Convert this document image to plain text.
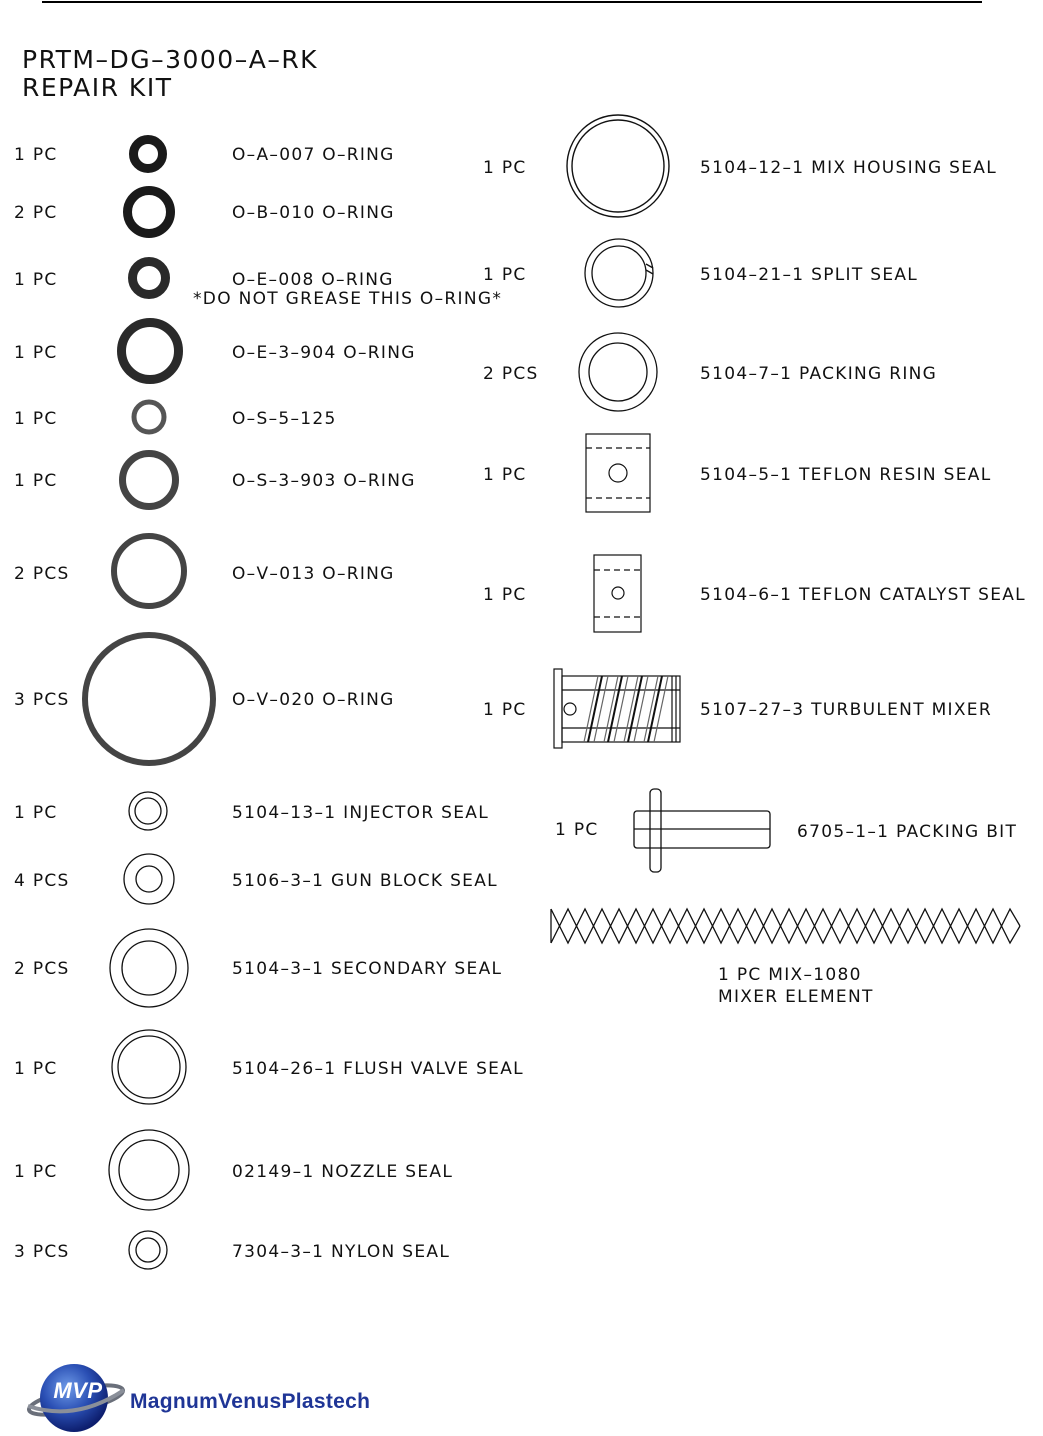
PRTM–DG–3000–A–RK
REPAIR KIT
1 PC	O–A–007 O–RING
2 PC	O–B–010 O–RING
1 PC	O–E–008 O–RING
*DO NOT GREASE THIS O–RING*
1 PC	O–E–3–904 O–RING
1 PC	O–S–5–125
1 PC	O–S–3–903 O–RING
2 PCS	O–V–013 O–RING
3 PCS	O–V–020 O–RING
1 PC	5104–13–1 INJECTOR SEAL
4 PCS	5106–3–1 GUN BLOCK SEAL
2 PCS	5104–3–1 SECONDARY SEAL
1 PC	5104–26–1 FLUSH VALVE SEAL
1 PC	02149–1 NOZZLE SEAL
3 PCS	7304–3–1 NYLON SEAL
1 PC	5104–12–1 MIX HOUSING SEAL
1 PC	5104–21–1 SPLIT SEAL
2 PCS	5104–7–1 PACKING RING
1 PC	5104–5–1 TEFLON RESIN SEAL
1 PC	5104–6–1 TEFLON CATALYST SEAL
1 PC	5107–27–3 TURBULENT MIXER
1 PC	6705–1–1 PACKING BIT
1 PC MIX–1080
MIXER ELEMENT
MVP	MagnumVenusPlastech
